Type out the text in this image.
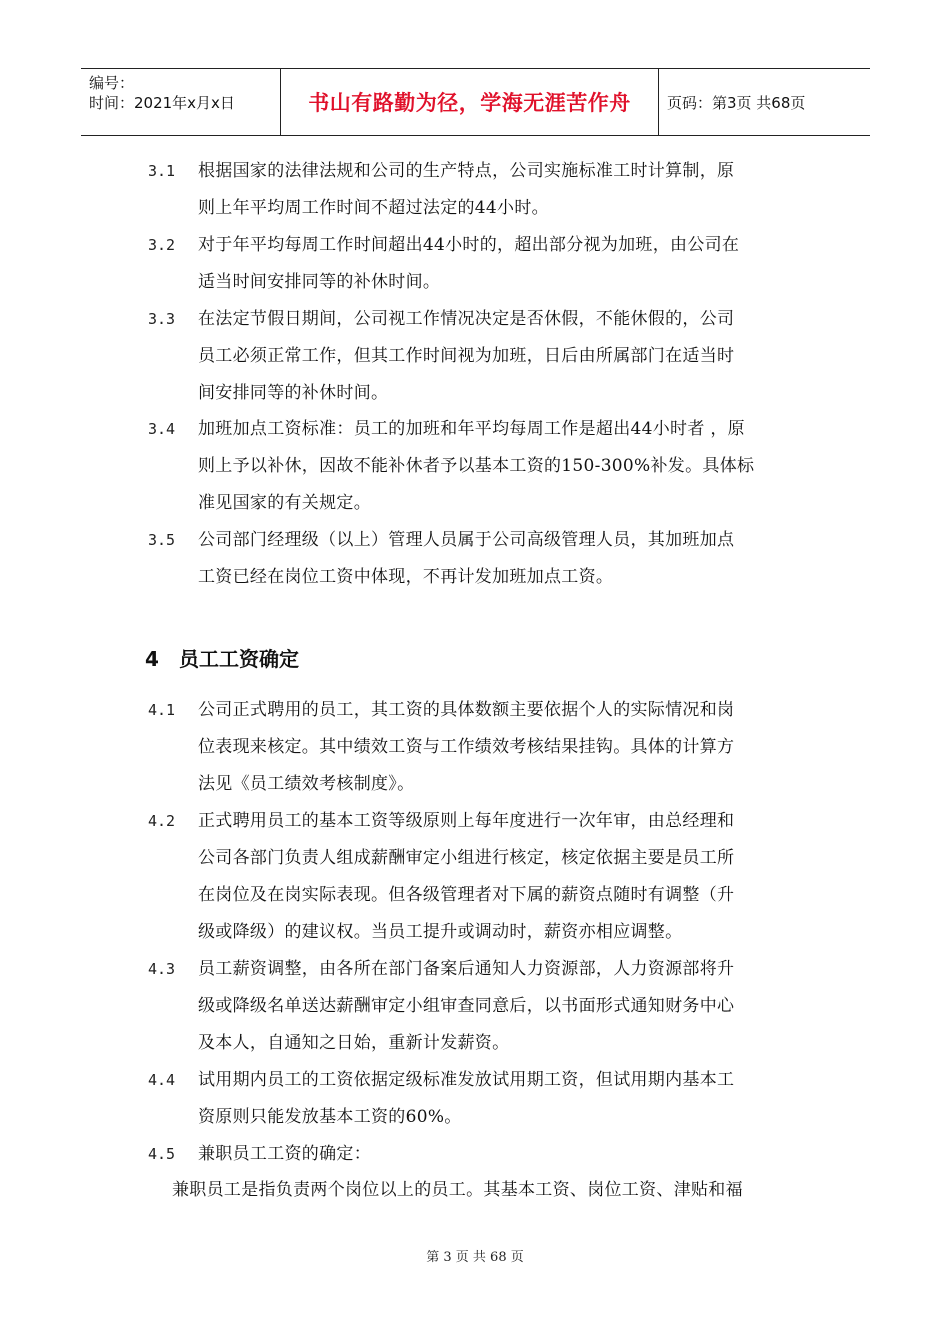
编号：
时间：2021年x月x日	书山有路勤为径，学海无涯苦作舟	页码：第3页 共68页
3.1	根据国家的法律法规和公司的生产特点，公司实施标准工时计算制，原
则上年平均周工作时间不超过法定的44小时。
3.2	对于年平均每周工作时间超出44小时的，超出部分视为加班，由公司在
适当时间安排同等的补休时间。
3.3	在法定节假日期间，公司视工作情况决定是否休假，不能休假的，公司
员工必须正常工作，但其工作时间视为加班，日后由所属部门在适当时
间安排同等的补休时间。
3.4	加班加点工资标准：员工的加班和年平均每周工作是超出44小时者 ，原
则上予以补休，因故不能补休者予以基本工资的150-300%补发。具体标
准见国家的有关规定。
3.5	公司部门经理级（以上）管理人员属于公司高级管理人员，其加班加点
工资已经在岗位工资中体现，不再计发加班加点工资。
4 员工工资确定
4.1	公司正式聘用的员工，其工资的具体数额主要依据个人的实际情况和岗
位表现来核定。其中绩效工资与工作绩效考核结果挂钩。具体的计算方
法见《员工绩效考核制度》。
4.2	正式聘用员工的基本工资等级原则上每年度进行一次年审，由总经理和
公司各部门负责人组成薪酬审定小组进行核定，核定依据主要是员工所
在岗位及在岗实际表现。但各级管理者对下属的薪资点随时有调整（升
级或降级）的建议权。当员工提升或调动时，薪资亦相应调整。
4.3	员工薪资调整，由各所在部门备案后通知人力资源部，人力资源部将升
级或降级名单送达薪酬审定小组审查同意后，以书面形式通知财务中心
及本人，自通知之日始，重新计发薪资。
4.4	试用期内员工的工资依据定级标准发放试用期工资，但试用期内基本工
资原则只能发放基本工资的60%。
4.5	兼职员工工资的确定：
兼职员工是指负责两个岗位以上的员工。其基本工资、岗位工资、津贴和福
第 3 页 共 68 页
